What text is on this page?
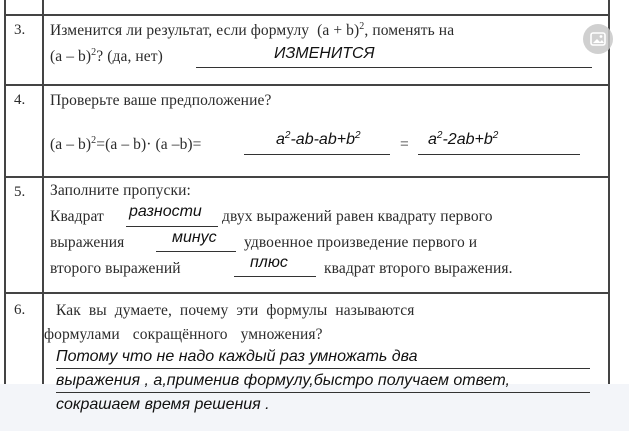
3. Изменится ли результат, если формулу $(a + b)^2$, поменять на
(a – b)$^2$? (да, нет)	ИЗМЕНИТСЯ
4. Проверьте ваше предположение?
(a – b)$^2$=(a – b)· (a –b)=	$a^2-ab-ab+b^2$
= $a^2-2ab+b^2$
5. Заполните пропуски:
Квадрат разности двух выражений равен квадрату первого
выражения	минус удвоенное произведение первого и
второго выражений	плюс квадрат второго выражения.
6. Как вы думаете, почему эти формулы называются
формулами сокращённого умножения?
Потому что не надо каждый раз умножать два
выражения , а,применив формулу,быстро получаем ответ,
сокрашаем время решения .
